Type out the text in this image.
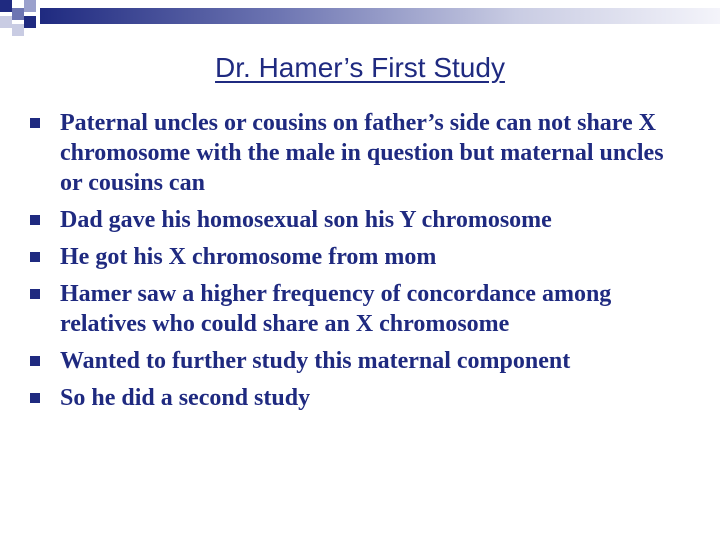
Dr. Hamer’s First Study
Paternal uncles or cousins on father’s side can not share X chromosome with the male in question but maternal uncles or cousins can
Dad gave his homosexual son his Y chromosome
He got his X chromosome from mom
Hamer saw a higher frequency of concordance among relatives who could share an X chromosome
Wanted to further study this maternal component
So he did a second study
